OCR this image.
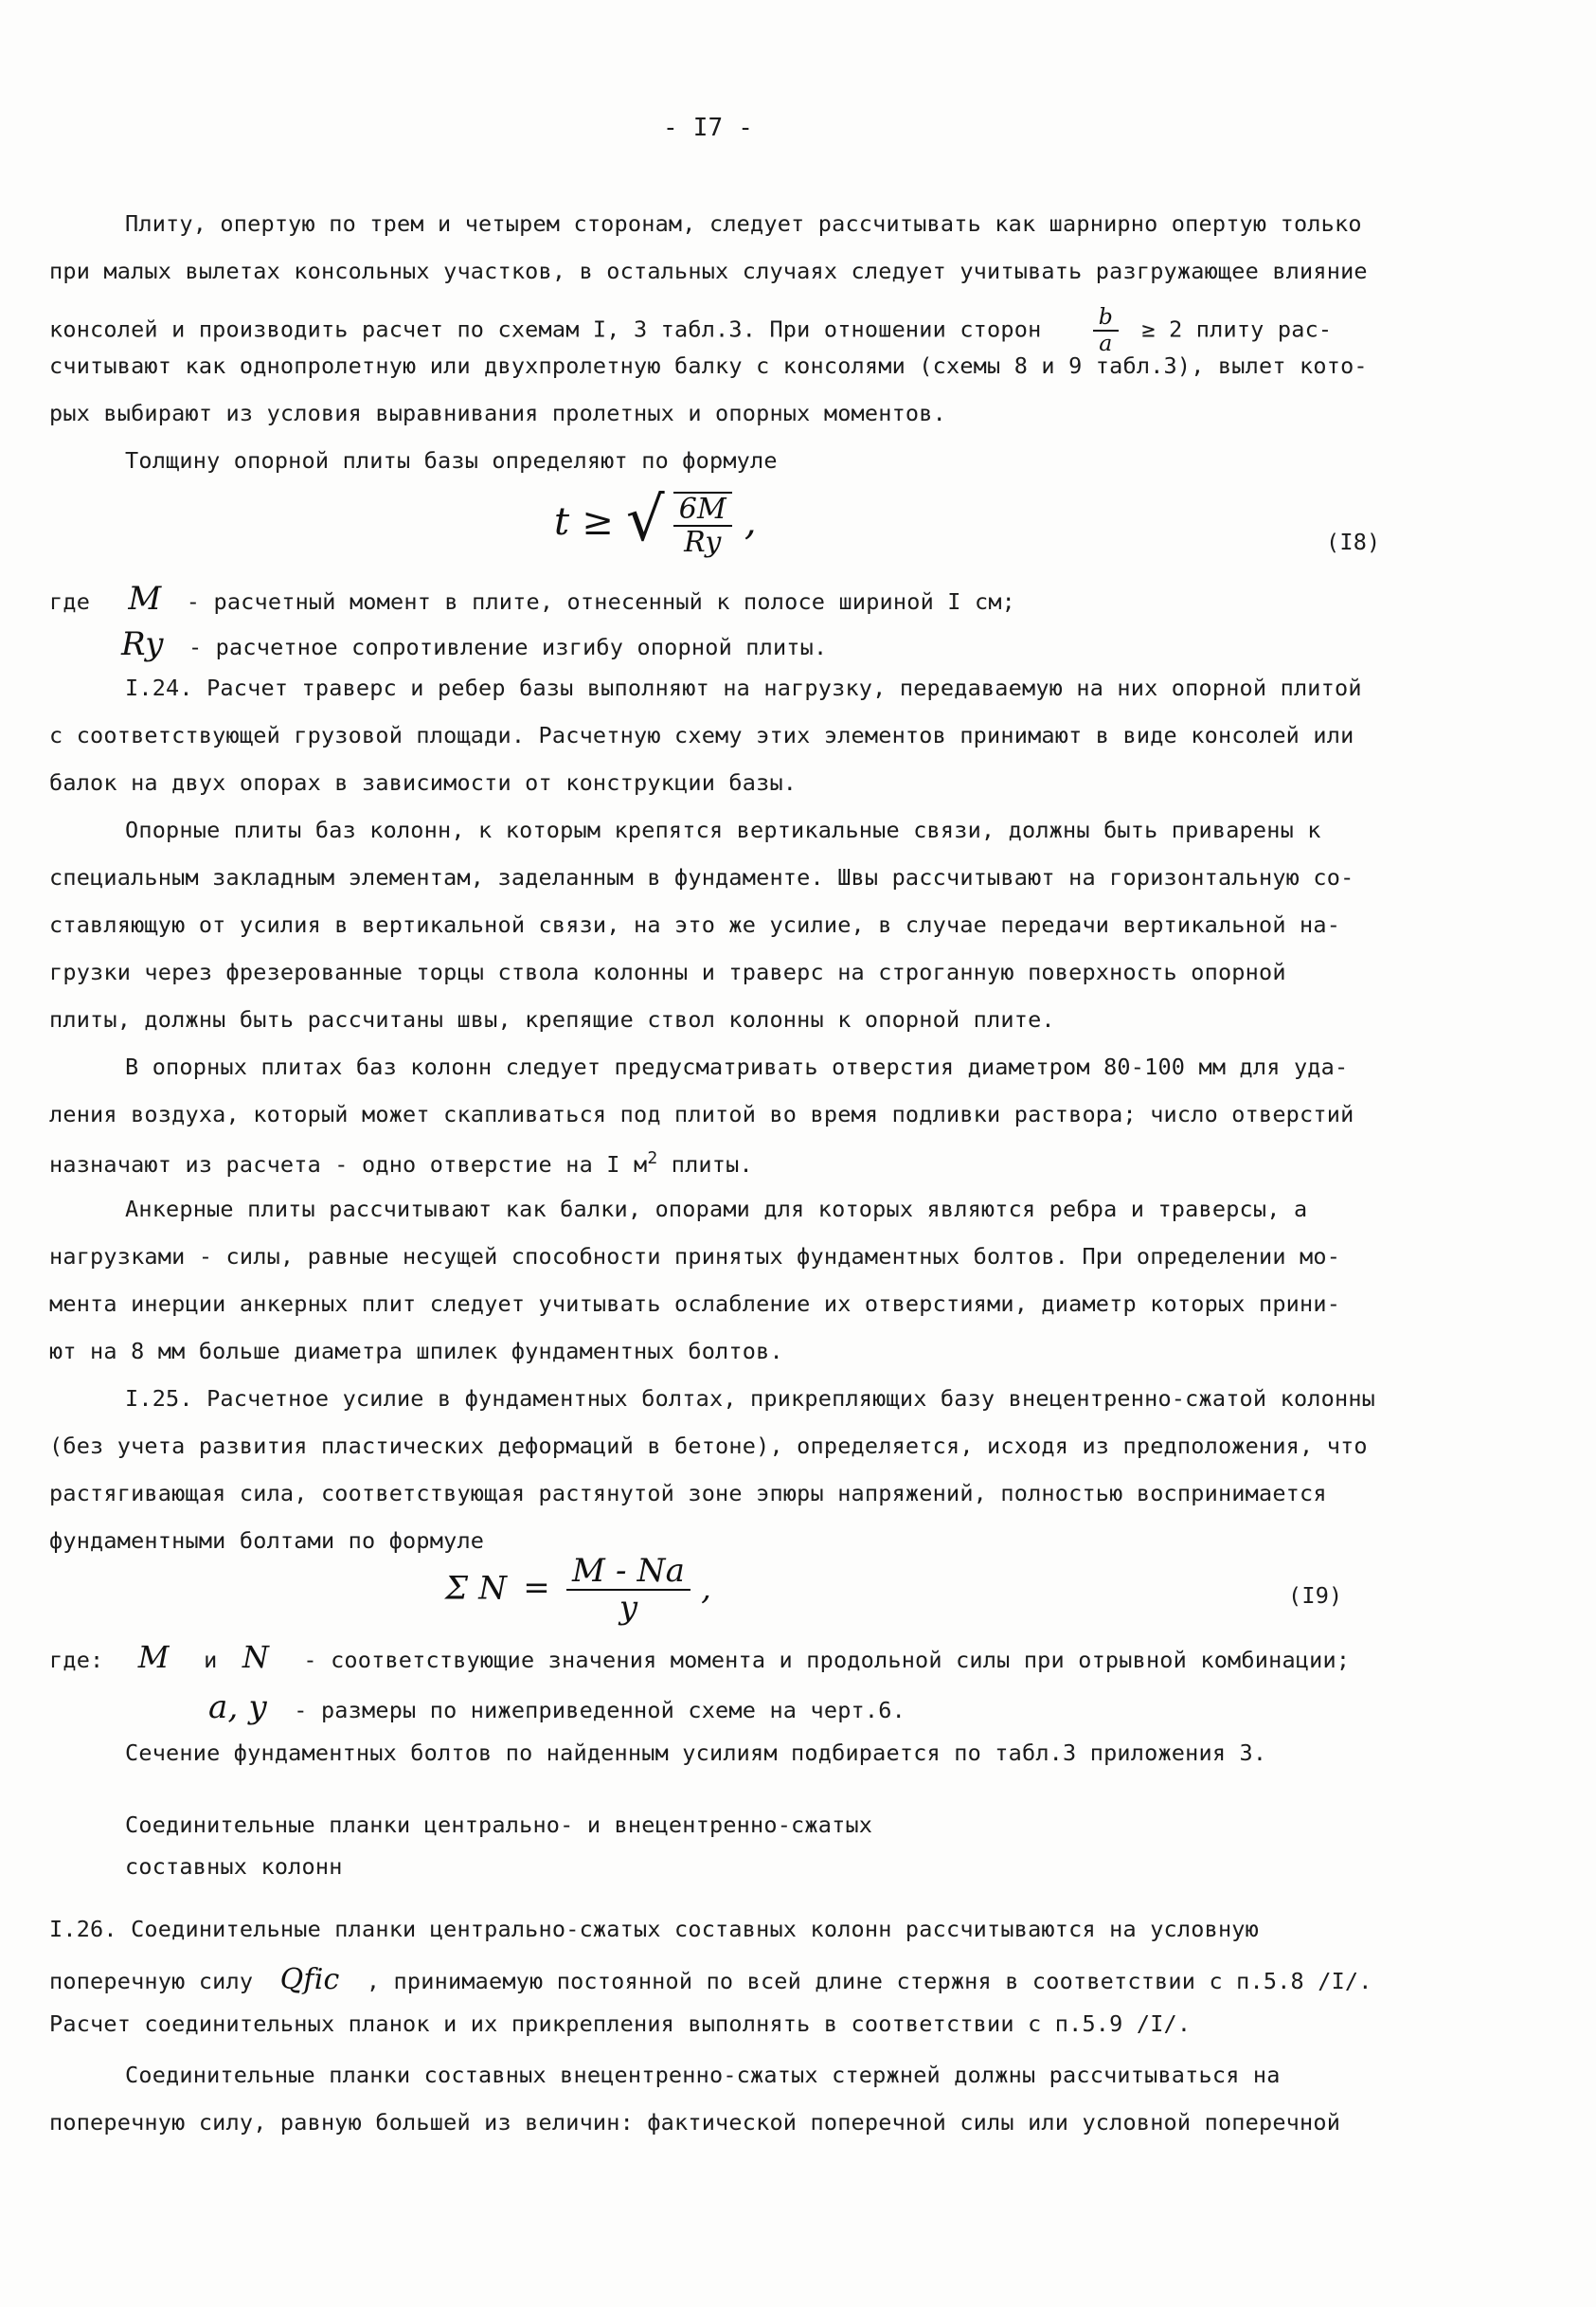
- I7 -
Плиту, опертую по трем и четырем сторонам, следует рассчитывать как шарнирно опертую только
при малых вылетах консольных участков, в остальных случаях следует учитывать разгружающее влияние
консолей и производить расчет по схемам I, 3 табл.3. При отношении сторон $\frac{b}{a} \ge 2$ плиту рас-
считывают как однопролетную или двухпролетную балку с консолями (схемы 8 и 9 табл.3), вылет кото-
рых выбирают из условия выравнивания пролетных и опорных моментов.
Толщину опорной плиты базы определяют по формуле
t ≥ √ $\frac{6M}{Ry}$ ,	(I8)
где M - расчетный момент в плите, отнесенный к полосе шириной I см;
Ry - расчетное сопротивление изгибу опорной плиты.
I.24. Расчет траверс и ребер базы выполняют на нагрузку, передаваемую на них опорной плитой
с соответствующей грузовой площади. Расчетную схему этих элементов принимают в виде консолей или
балок на двух опорах в зависимости от конструкции базы.
Опорные плиты баз колонн, к которым крепятся вертикальные связи, должны быть приварены к
специальным закладным элементам, заделанным в фундаменте. Швы рассчитывают на горизонтальную со-
ставляющую от усилия в вертикальной связи, на это же усилие, в случае передачи вертикальной на-
грузки через фрезерованные торцы ствола колонны и траверс на строганную поверхность опорной
плиты, должны быть рассчитаны швы, крепящие ствол колонны к опорной плите.
В опорных плитах баз колонн следует предусматривать отверстия диаметром 80-100 мм для уда-
ления воздуха, который может скапливаться под плитой во время подливки раствора; число отверстий
назначают из расчета - одно отверстие на I $м^2$ плиты.
Анкерные плиты рассчитывают как балки, опорами для которых являются ребра и траверсы, а
нагрузками - силы, равные несущей способности принятых фундаментных болтов. При определении мо-
мента инерции анкерных плит следует учитывать ослабление их отверстиями, диаметр которых прини-
ют на 8 мм больше диаметра шпилек фундаментных болтов.
I.25. Расчетное усилие в фундаментных болтах, прикрепляющих базу внецентренно-сжатой колонны
(без учета развития пластических деформаций в бетоне), определяется, исходя из предположения, что
растягивающая сила, соответствующая растянутой зоне эпюры напряжений, полностью воспринимается
фундаментными болтами по формуле
Σ $N = \frac{M - Na}{y}$ ,	(I9)
где: M и N - соответствующие значения момента и продольной силы при отрывной комбинации;
a, y - размеры по нижеприведенной схеме на черт.6.
Сечение фундаментных болтов по найденным усилиям подбирается по табл.3 приложения 3.
Соединительные планки центрально- и внецентренно-сжатых
составных колонн
I.26. Соединительные планки центрально-сжатых составных колонн рассчитываются на условную
поперечную силу Qfic , принимаемую постоянной по всей длине стержня в соответствии с п.5.8 /I/.
Расчет соединительных планок и их прикрепления выполнять в соответствии с п.5.9 /I/.
Соединительные планки составных внецентренно-сжатых стержней должны рассчитываться на
поперечную силу, равную большей из величин: фактической поперечной силы или условной поперечной
